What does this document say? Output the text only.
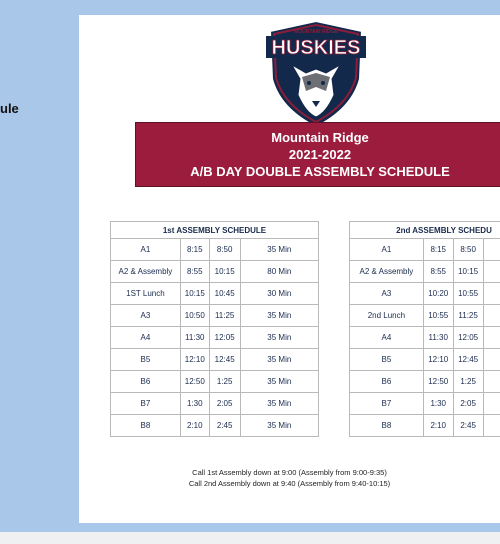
ule
MOUNTAIN RIDGE
HUSKIES
Mountain Ridge
2021-2022
A/B DAY DOUBLE ASSEMBLY SCHEDULE
1st ASSEMBLY SCHEDULE			
A1	8:15	8:50	35 Min
A2 & Assembly	8:55	10:15	80 Min
1ST Lunch	10:15	10:45	30 Min
A3	10:50	11:25	35 Min
A4	11:30	12:05	35 Min
B5	12:10	12:45	35 Min
B6	12:50	1:25	35 Min
B7	1:30	2:05	35 Min
B8	2:10	2:45	35 Min
2nd ASSEMBLY SCHEDU			
A1	8:15	8:50	
A2 & Assembly	8:55	10:15	
A3	10:20	10:55	
2nd Lunch	10:55	11:25	
A4	11:30	12:05	
B5	12:10	12:45	
B6	12:50	1:25	
B7	1:30	2:05	
B8	2:10	2:45	
Call 1st Assembly down at 9:00 (Assembly from 9:00-9:35)
Call 2nd Assembly down at 9:40 (Assembly from 9:40-10:15)
